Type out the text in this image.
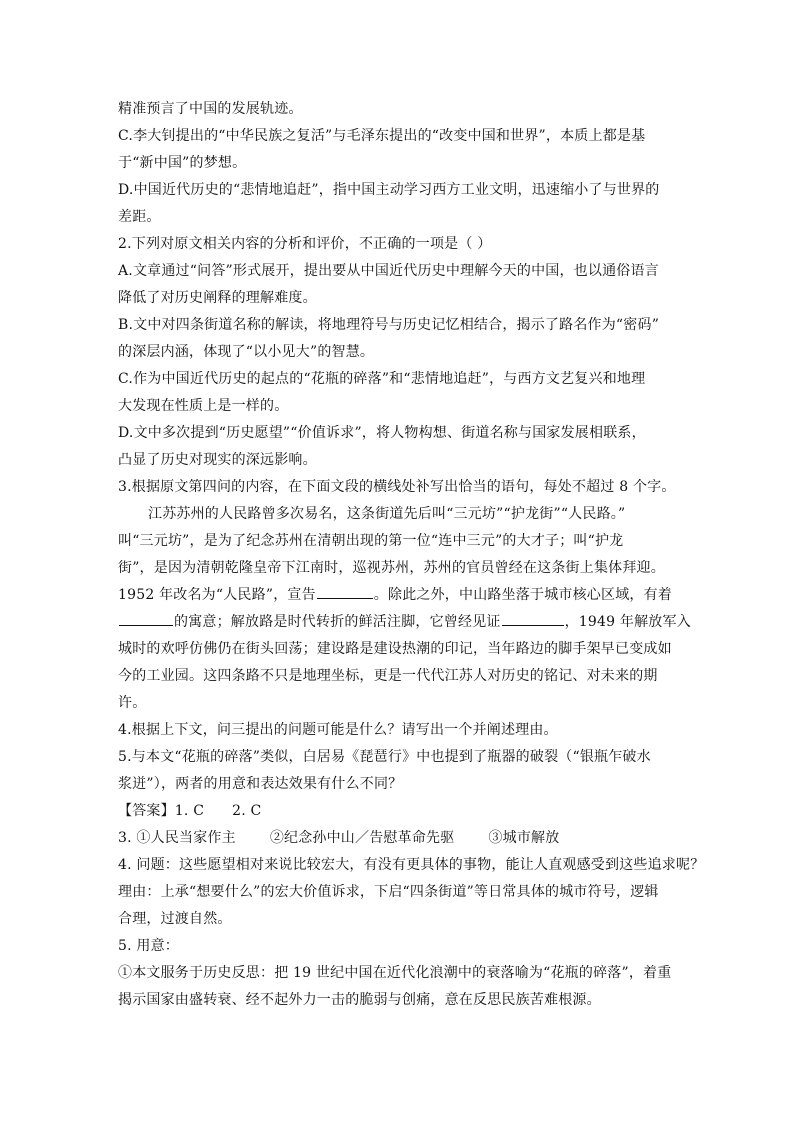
精准预言了中国的发展轨迹。
C.李大钊提出的“中华民族之复活”与毛泽东提出的“改变中国和世界”，本质上都是基
于“新中国”的梦想。
D.中国近代历史的“悲情地追赶”，指中国主动学习西方工业文明，迅速缩小了与世界的
差距。
2.下列对原文相关内容的分析和评价，不正确的一项是（ ）
A.文章通过“问答”形式展开，提出要从中国近代历史中理解今天的中国，也以通俗语言
降低了对历史阐释的理解难度。
B.文中对四条街道名称的解读，将地理符号与历史记忆相结合，揭示了路名作为“密码”
的深层内涵，体现了“以小见大”的智慧。
C.作为中国近代历史的起点的“花瓶的碎落”和“悲情地追赶”，与西方文艺复兴和地理
大发现在性质上是一样的。
D.文中多次提到“历史愿望”“价值诉求”，将人物构想、街道名称与国家发展相联系，
凸显了历史对现实的深远影响。
3.根据原文第四问的内容，在下面文段的横线处补写出恰当的语句，每处不超过 8 个字。
江苏苏州的人民路曾多次易名，这条街道先后叫“三元坊”“护龙街”“人民路。”
叫“三元坊”，是为了纪念苏州在清朝出现的第一位“连中三元”的大才子；叫“护龙
街”，是因为清朝乾隆皇帝下江南时，巡视苏州，苏州的官员曾经在这条街上集体拜迎。
1952 年改名为“人民路”，宣告	。除此之外，中山路坐落于城市核心区域，有着
的寓意；解放路是时代转折的鲜活注脚，它曾经见证	，1949 年解放军入
城时的欢呼仿佛仍在街头回荡；建设路是建设热潮的印记，当年路边的脚手架早已变成如
今的工业园。这四条路不只是地理坐标，更是一代代江苏人对历史的铭记、对未来的期
许。
4.根据上下文，问三提出的问题可能是什么？请写出一个并阐述理由。
5.与本文“花瓶的碎落”类似，白居易《琵琶行》中也提到了瓶器的破裂（“银瓶乍破水
浆迸”），两者的用意和表达效果有什么不同？
【答案】1. C 2. C
3. ①人民当家作主 ②纪念孙中山／告慰革命先驱 ③城市解放
4. 问题：这些愿望相对来说比较宏大，有没有更具体的事物，能让人直观感受到这些追求呢？
理由：上承“想要什么”的宏大价值诉求，下启“四条街道”等日常具体的城市符号，逻辑
合理，过渡自然。
5. 用意：
①本文服务于历史反思：把 19 世纪中国在近代化浪潮中的衰落喻为“花瓶的碎落”，着重
揭示国家由盛转衰、经不起外力一击的脆弱与创痛，意在反思民族苦难根源。
